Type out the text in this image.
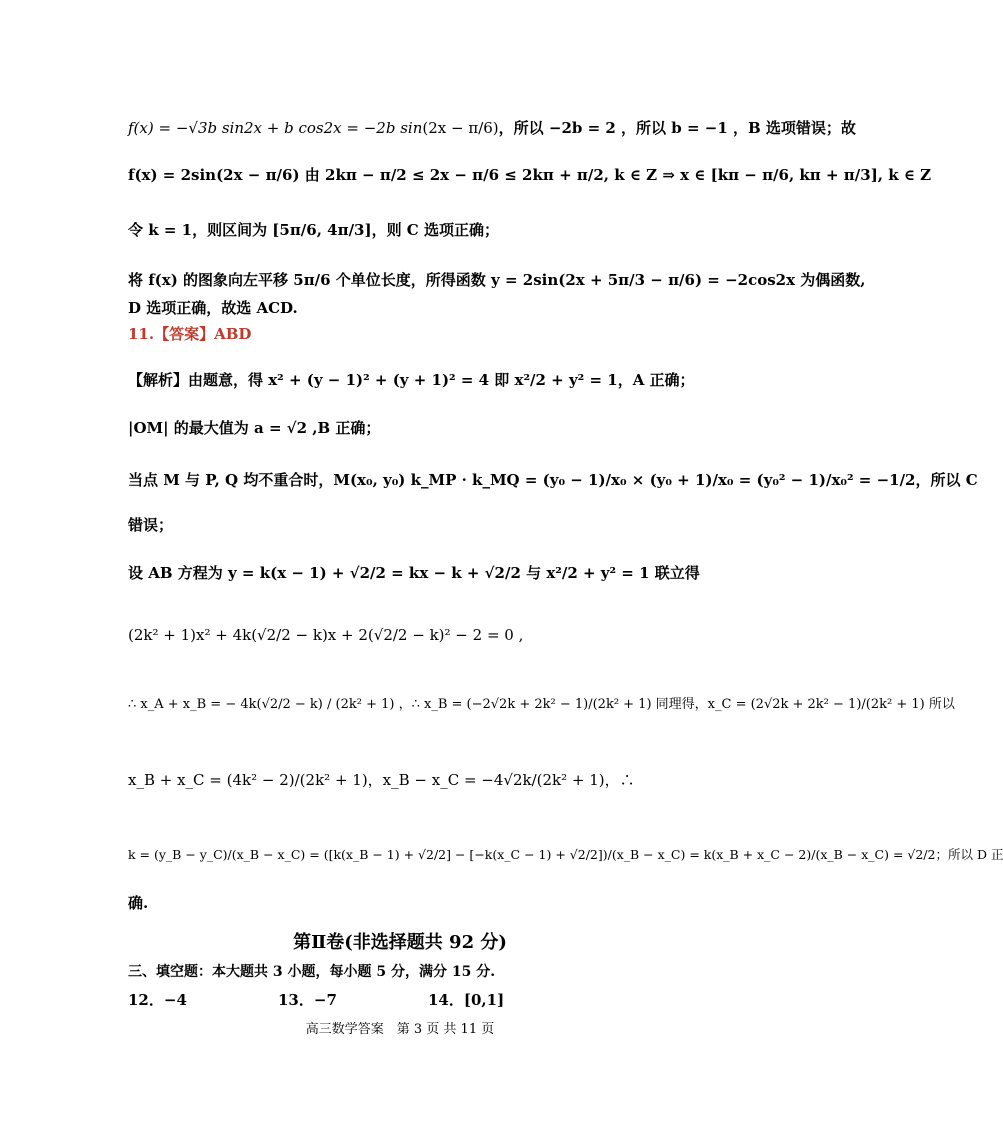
f(x) = −√3b sin2x + b cos2x = −2b sin(2x − π/6)，所以 −2b = 2 ，所以 b = −1 ，B 选项错误；故
f(x) = 2sin(2x − π/6) 由 2kπ − π/2 ≤ 2x − π/6 ≤ 2kπ + π/2, k ∈ Z ⇒ x ∈ [kπ − π/6, kπ + π/3], k ∈ Z
令 k = 1，则区间为 [5π/6, 4π/3]，则 C 选项正确；
将 f(x) 的图象向左平移 5π/6 个单位长度，所得函数 y = 2sin(2x + 5π/3 − π/6) = −2cos2x 为偶函数,
D 选项正确，故选 ACD.
11.【答案】ABD
【解析】由题意，得 x² + (y − 1)² + (y + 1)² = 4 即 x²/2 + y² = 1，A 正确；
|OM| 的最大值为 a = √2 ,B 正确；
当点 M 与 P, Q 均不重合时，M(x₀, y₀) k_MP · k_MQ = (y₀ − 1)/x₀ × (y₀ + 1)/x₀ = (y₀² − 1)/x₀² = −1/2，所以 C
错误；
设 AB 方程为 y = k(x − 1) + √2/2 = kx − k + √2/2 与 x²/2 + y² = 1 联立得
(2k² + 1)x² + 4k(√2/2 − k)x + 2(√2/2 − k)² − 2 = 0 ,
∴ x_A + x_B = − 4k(√2/2 − k) / (2k² + 1) ，∴ x_B = (−2√2k + 2k² − 1)/(2k² + 1) 同理得，x_C = (2√2k + 2k² − 1)/(2k² + 1) 所以
x_B + x_C = (4k² − 2)/(2k² + 1)，x_B − x_C = −4√2k/(2k² + 1)，∴
k = (y_B − y_C)/(x_B − x_C) = ([k(x_B − 1) + √2/2] − [−k(x_C − 1) + √2/2])/(x_B − x_C) = k(x_B + x_C − 2)/(x_B − x_C) = √2/2；所以 D 正
确.
第Ⅱ卷(非选择题共 92 分)
三、填空题：本大题共 3 小题，每小题 5 分，满分 15 分.
12．−4	13．−7	14．[0,1]
高三数学答案　第 3 页 共 11 页
